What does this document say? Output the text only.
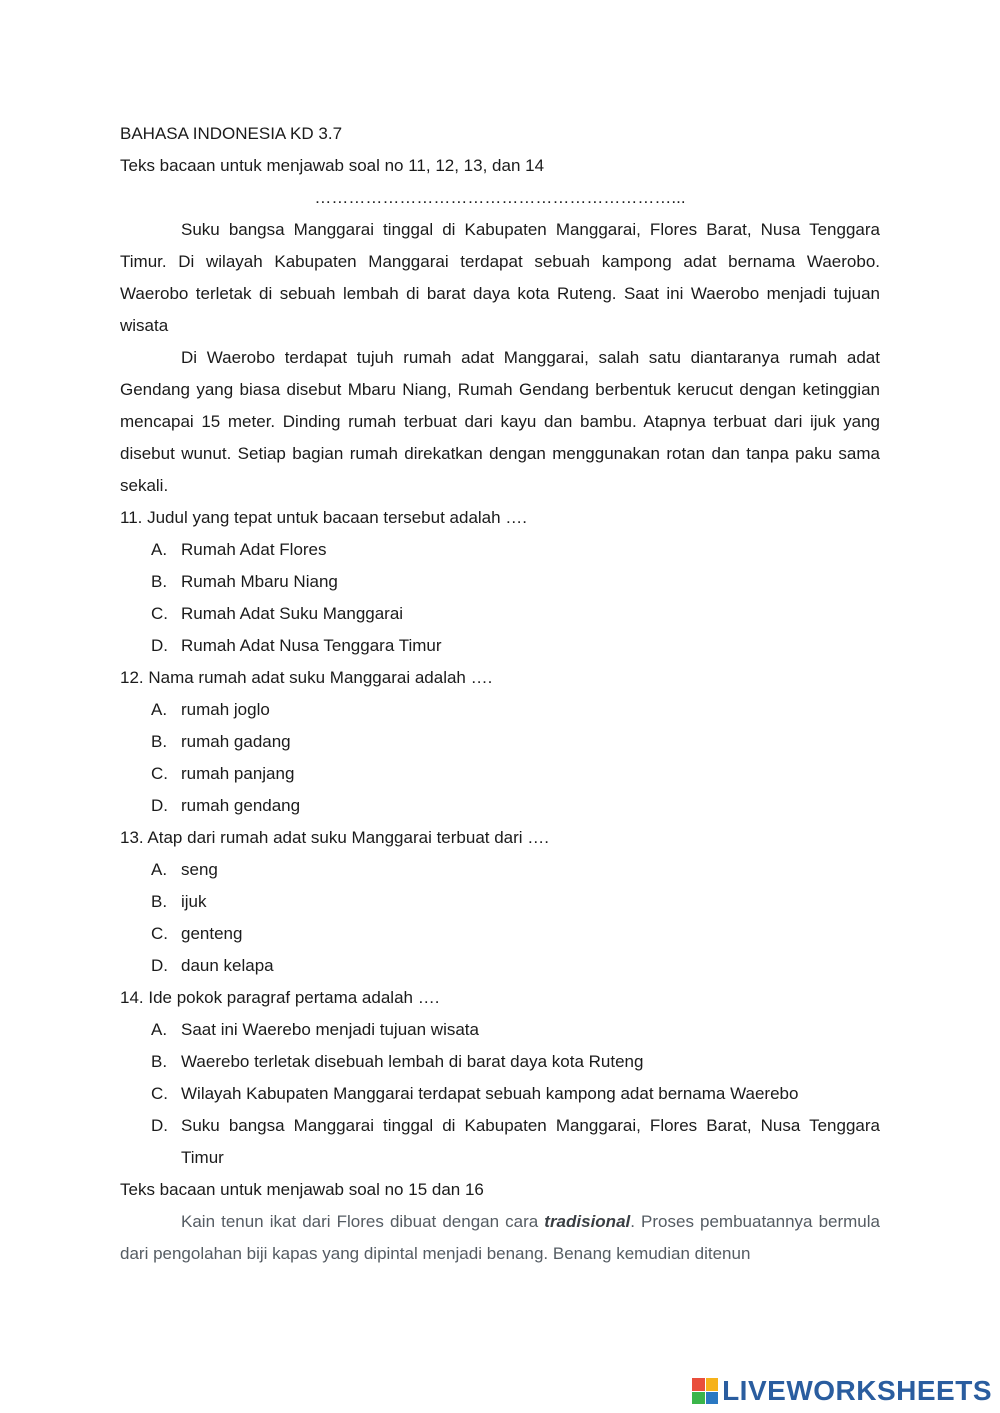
BAHASA INDONESIA KD 3.7

Teks bacaan untuk menjawab soal no 11, 12, 13, dan 14

………………………………………………………...

Suku bangsa Manggarai tinggal di Kabupaten Manggarai, Flores Barat, Nusa Tenggara Timur. Di wilayah Kabupaten Manggarai terdapat sebuah kampong adat bernama Waerobo. Waerobo terletak di sebuah lembah di barat daya kota Ruteng. Saat ini Waerobo menjadi tujuan wisata

Di Waerobo terdapat tujuh rumah adat Manggarai, salah satu diantaranya rumah adat Gendang yang biasa disebut Mbaru Niang, Rumah Gendang berbentuk kerucut dengan ketinggian mencapai 15 meter. Dinding rumah terbuat dari kayu dan bambu. Atapnya terbuat dari ijuk yang disebut wunut. Setiap bagian rumah direkatkan dengan menggunakan rotan dan tanpa paku sama sekali.

11. Judul yang tepat untuk bacaan tersebut adalah ….

A. Rumah Adat Flores
B. Rumah Mbaru Niang
C. Rumah Adat Suku Manggarai
D. Rumah Adat Nusa Tenggara Timur

12. Nama rumah adat suku Manggarai adalah ….

A. rumah joglo
B. rumah gadang
C. rumah panjang
D. rumah gendang

13. Atap dari rumah adat suku Manggarai terbuat dari ….

A. seng
B. ijuk
C. genteng
D. daun kelapa

14. Ide pokok paragraf pertama adalah ….

A. Saat ini Waerebo menjadi tujuan wisata
B. Waerebo terletak disebuah lembah di barat daya kota Ruteng
C. Wilayah Kabupaten Manggarai terdapat sebuah kampong adat bernama Waerebo
D. Suku bangsa Manggarai tinggal di Kabupaten Manggarai, Flores Barat, Nusa Tenggara Timur

Teks bacaan untuk menjawab soal no 15 dan 16

Kain tenun ikat dari Flores dibuat dengan cara tradisional. Proses pembuatannya bermula dari pengolahan biji kapas yang dipintal menjadi benang. Benang kemudian ditenun

LIVEWORKSHEETS
